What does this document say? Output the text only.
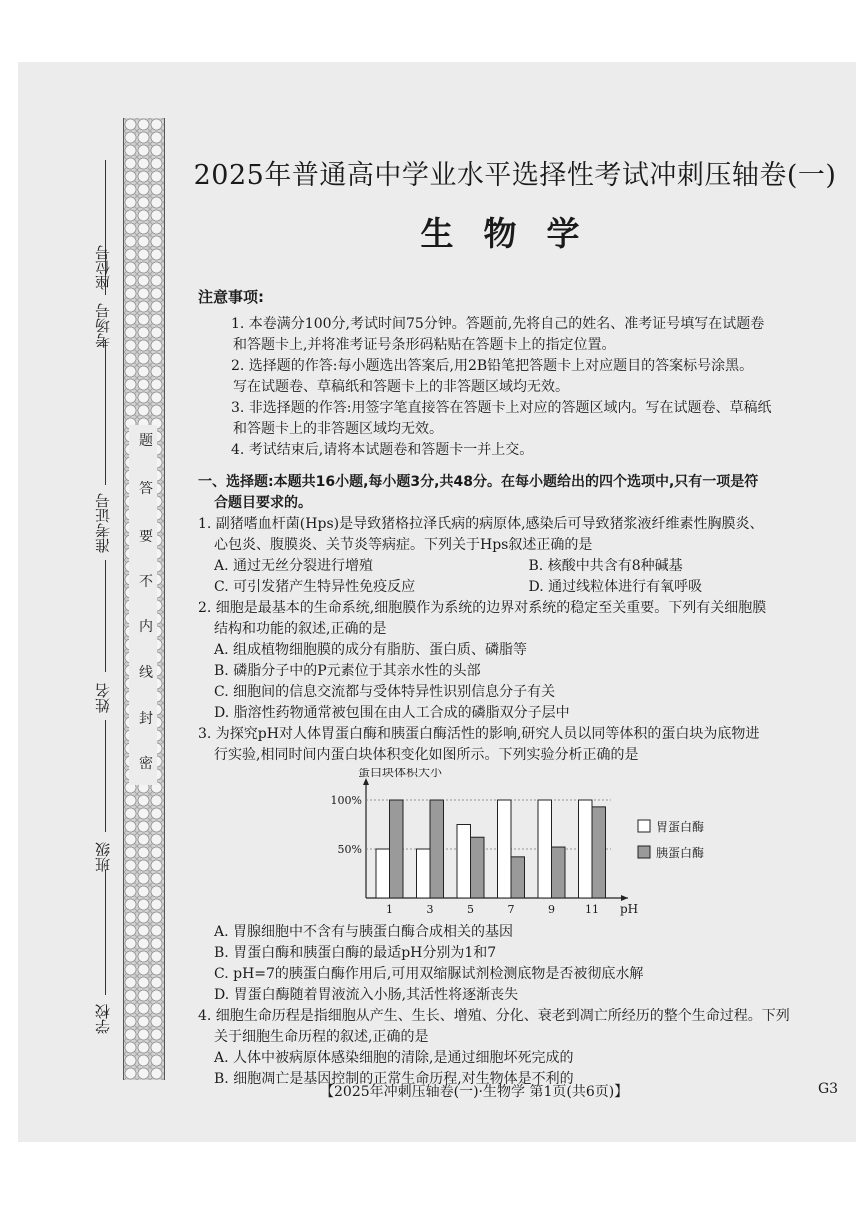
题
答
要
不
内
线
封
密
学校
班级
姓名
准考证号
考场号
座位号
2025年普通高中学业水平选择性考试冲刺压轴卷(一)
生物学
注意事项:
1. 本卷满分100分,考试时间75分钟。答题前,先将自己的姓名、准考证号填写在试题卷
和答题卡上,并将准考证号条形码粘贴在答题卡上的指定位置。
2. 选择题的作答:每小题选出答案后,用2B铅笔把答题卡上对应题目的答案标号涂黑。
写在试题卷、草稿纸和答题卡上的非答题区域均无效。
3. 非选择题的作答:用签字笔直接答在答题卡上对应的答题区域内。写在试题卷、草稿纸
和答题卡上的非答题区域均无效。
4. 考试结束后,请将本试题卷和答题卡一并上交。
一、选择题:本题共16小题,每小题3分,共48分。在每小题给出的四个选项中,只有一项是符
合题目要求的。
1. 副猪嗜血杆菌(Hps)是导致猪格拉泽氏病的病原体,感染后可导致猪浆液纤维素性胸膜炎、
心包炎、腹膜炎、关节炎等病症。下列关于Hps叙述正确的是
A. 通过无丝分裂进行增殖	B. 核酸中共含有8种碱基
C. 可引发猪产生特异性免疫反应	D. 通过线粒体进行有氧呼吸
2. 细胞是最基本的生命系统,细胞膜作为系统的边界对系统的稳定至关重要。下列有关细胞膜
结构和功能的叙述,正确的是
A. 组成植物细胞膜的成分有脂肪、蛋白质、磷脂等
B. 磷脂分子中的P元素位于其亲水性的头部
C. 细胞间的信息交流都与受体特异性识别信息分子有关
D. 脂溶性药物通常被包围在由人工合成的磷脂双分子层中
3. 为探究pH对人体胃蛋白酶和胰蛋白酶活性的影响,研究人员以同等体积的蛋白块为底物进
行实验,相同时间内蛋白块体积变化如图所示。下列实验分析正确的是
蛋白块体积大小
pH
50%
100%
1	3	5	7	9	11
胃蛋白酶
胰蛋白酶
A. 胃腺细胞中不含有与胰蛋白酶合成相关的基因
B. 胃蛋白酶和胰蛋白酶的最适pH分别为1和7
C. pH=7的胰蛋白酶作用后,可用双缩脲试剂检测底物是否被彻底水解
D. 胃蛋白酶随着胃液流入小肠,其活性将逐渐丧失
4. 细胞生命历程是指细胞从产生、生长、增殖、分化、衰老到凋亡所经历的整个生命过程。下列
关于细胞生命历程的叙述,正确的是
A. 人体中被病原体感染细胞的清除,是通过细胞坏死完成的
B. 细胞凋亡是基因控制的正常生命历程,对生物体是不利的
【2025年冲刺压轴卷(一)·生物学 第1页(共6页)】	G3
